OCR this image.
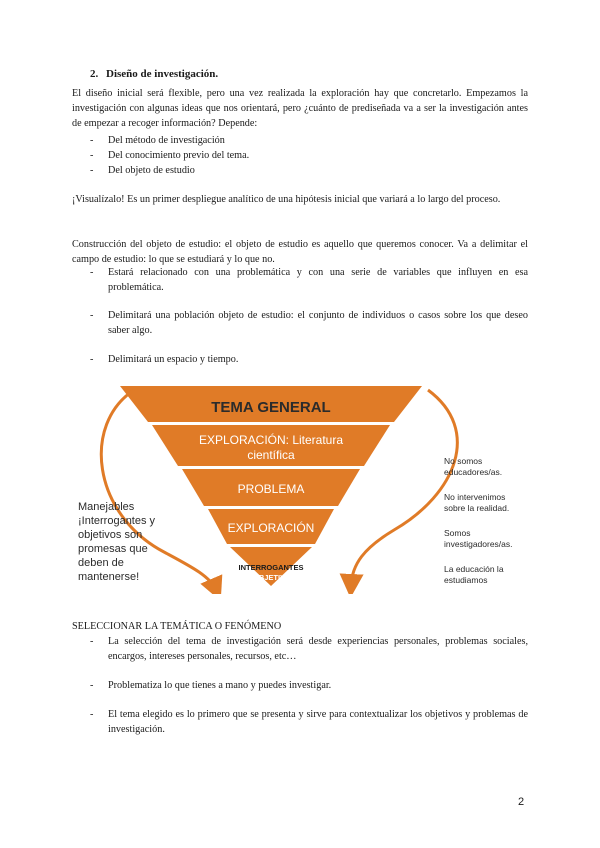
2. Diseño de investigación.

El diseño inicial será flexible, pero una vez realizada la exploración hay que concretarlo. Empezamos la investigación con algunas ideas que nos orientará, pero ¿cuánto de prediseñada va a ser la investigación antes de empezar a recoger información? Depende:

- Del método de investigación
- Del conocimiento previo del tema.
- Del objeto de estudio

¡Visualízalo! Es un primer despliegue analítico de una hipótesis inicial que variará a lo largo del proceso.

Construcción del objeto de estudio: el objeto de estudio es aquello que queremos conocer. Va a delimitar el campo de estudio: lo que se estudiará y lo que no.

- Estará relacionado con una problemática y con una serie de variables que influyen en esa problemática.
- Delimitará una población objeto de estudio: el conjunto de individuos o casos sobre los que deseo saber algo.
- Delimitará un espacio y tiempo.
TEMA GENERAL
EXPLORACIÓN: Literatura
científica
PROBLEMA
EXPLORACIÓN
INTERROGANTES
Y OBJETIVOS
Manejables ¡Interrogantes y objetivos son promesas que deben de mantenerse!
No somos educadores/as.
No intervenimos sobre la realidad.
Somos investigadores/as.
La educación la estudiamos

SELECCIONAR LA TEMÁTICA O FENÓMENO

- La selección del tema de investigación será desde experiencias personales, problemas sociales, encargos, intereses personales, recursos, etc…
- Problematiza lo que tienes a mano y puedes investigar.
- El tema elegido es lo primero que se presenta y sirve para contextualizar los objetivos y problemas de investigación.
2
